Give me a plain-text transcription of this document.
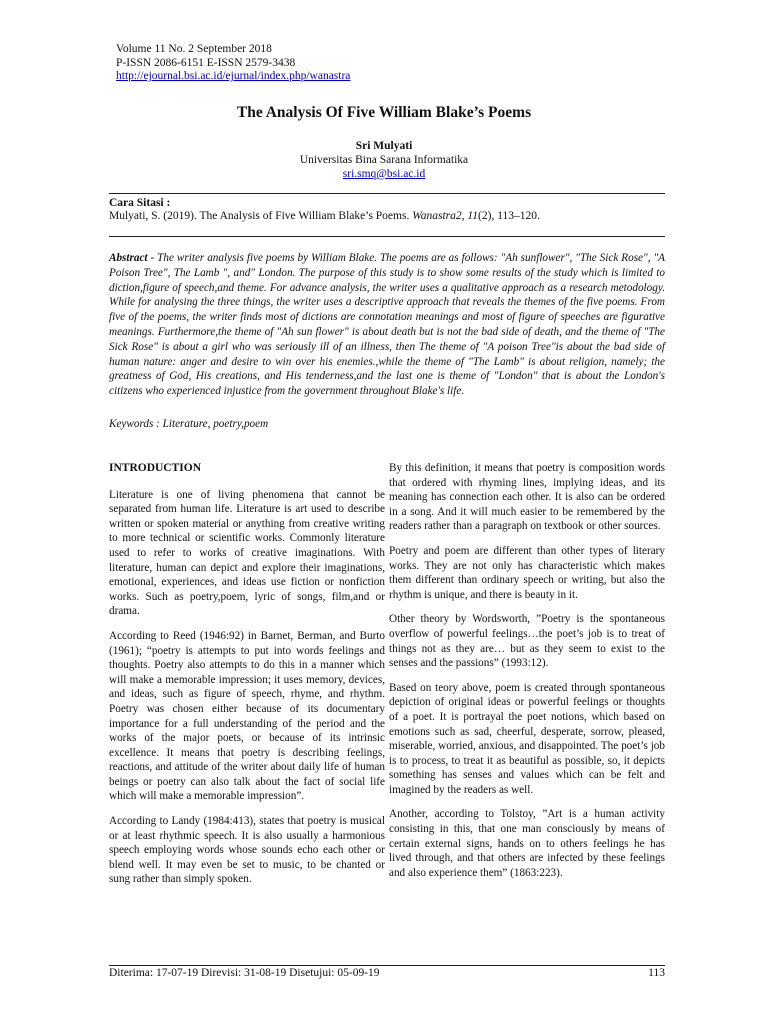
Volume 11 No. 2 September 2018
P-ISSN 2086-6151 E-ISSN 2579-3438
http://ejournal.bsi.ac.id/ejurnal/index.php/wanastra
The Analysis Of Five William Blake’s Poems
Sri Mulyati
Universitas Bina Sarana Informatika
sri.smq@bsi.ac.id
Cara Sitasi :
Mulyati, S. (2019). The Analysis of Five William Blake’s Poems. Wanastra2, 11(2), 113–120.
Abstract - The writer analysis five poems by William Blake. The poems are as follows: "Ah sunflower", "The Sick Rose", "A Poison Tree", The Lamb ", and" London. The purpose of this study is to show some results of the study which is limited to diction,figure of speech,and theme. For advance analysis, the writer uses a qualitative approach as a research metodology. While for analysing the three things, the writer uses a descriptive approach that reveals the themes of the five poems. From five of the poems, the writer finds most of dictions are connotation meanings and most of figure of speeches are figurative meanings. Furthermore,the theme of "Ah sun flower" is about death but is not the bad side of death, and the theme of "The Sick Rose" is about a girl who was seriously ill of an illness, then The theme of "A poison Tree"is about the bad side of human nature: anger and desire to win over his enemies.,while the theme of "The Lamb" is about religion, namely; the greatness of God, His creations, and His tenderness,and the last one is theme of "London" that is about the London's citizens who experienced injustice from the government throughout Blake's life.
Keywords : Literature, poetry,poem
INTRODUCTION

Literature is one of living phenomena that cannot be separated from human life. Literature is art used to describe written or spoken material or anything from creative writing to more technical or scientific works. Commonly literature used to refer to works of creative imaginations. With literature, human can depict and explore their imaginations, emotional, experiences, and ideas use fiction or nonfiction works. Such as poetry,poem, lyric of songs, film,and or drama.

According to Reed (1946:92) in Barnet, Berman, and Burto (1961); “poetry is attempts to put into words feelings and thoughts. Poetry also attempts to do this in a manner which will make a memorable impression; it uses memory, devices, and ideas, such as figure of speech, rhyme, and rhythm. Poetry was chosen either because of its documentary importance for a full understanding of the period and the works of the major poets, or because of its intrinsic excellence. It means that poetry is describing feelings, reactions, and attitude of the writer about daily life of human beings or poetry can also talk about the fact of social life which will make a memorable impression”.

According to Landy (1984:413), states that poetry is musical or at least rhythmic speech. It is also usually a harmonious speech employing words whose sounds echo each other or blend well. It may even be set to music, to be chanted or sung rather than simply spoken.

By this definition, it means that poetry is composition words that ordered with rhyming lines, implying ideas, and its meaning has connection each other. It is also can be ordered in a song. And it will much easier to be remembered by the readers rather than a paragraph on textbook or other sources.

Poetry and poem are different than other types of literary works. They are not only has characteristic which makes them different than ordinary speech or writing, but also the rhythm is unique, and there is beauty in it.

Other theory by Wordsworth, ”Poetry is the spontaneous overflow of powerful feelings…the poet’s job is to treat of things not as they are… but as they seem to exist to the senses and the passions” (1993:12).

Based on teory above, poem is created through spontaneous depiction of original ideas or powerful feelings or thoughts of a poet. It is portrayal the poet notions, which based on emotions such as sad, cheerful, desperate, sorrow, pleased, miserable, worried, anxious, and disappointed. The poet’s job is to process, to treat it as beautiful as possible, so, it depicts something has senses and values which can be felt and imagined by the readers as well.

Another, according to Tolstoy, ”Art is a human activity consisting in this, that one man consciously by means of certain external signs, hands on to others feelings he has lived through, and that others are infected by these feelings and also experience them” (1863:223).

Diterima: 17-07-19 Direvisi: 31-08-19 Disetujui: 05-09-19	113
